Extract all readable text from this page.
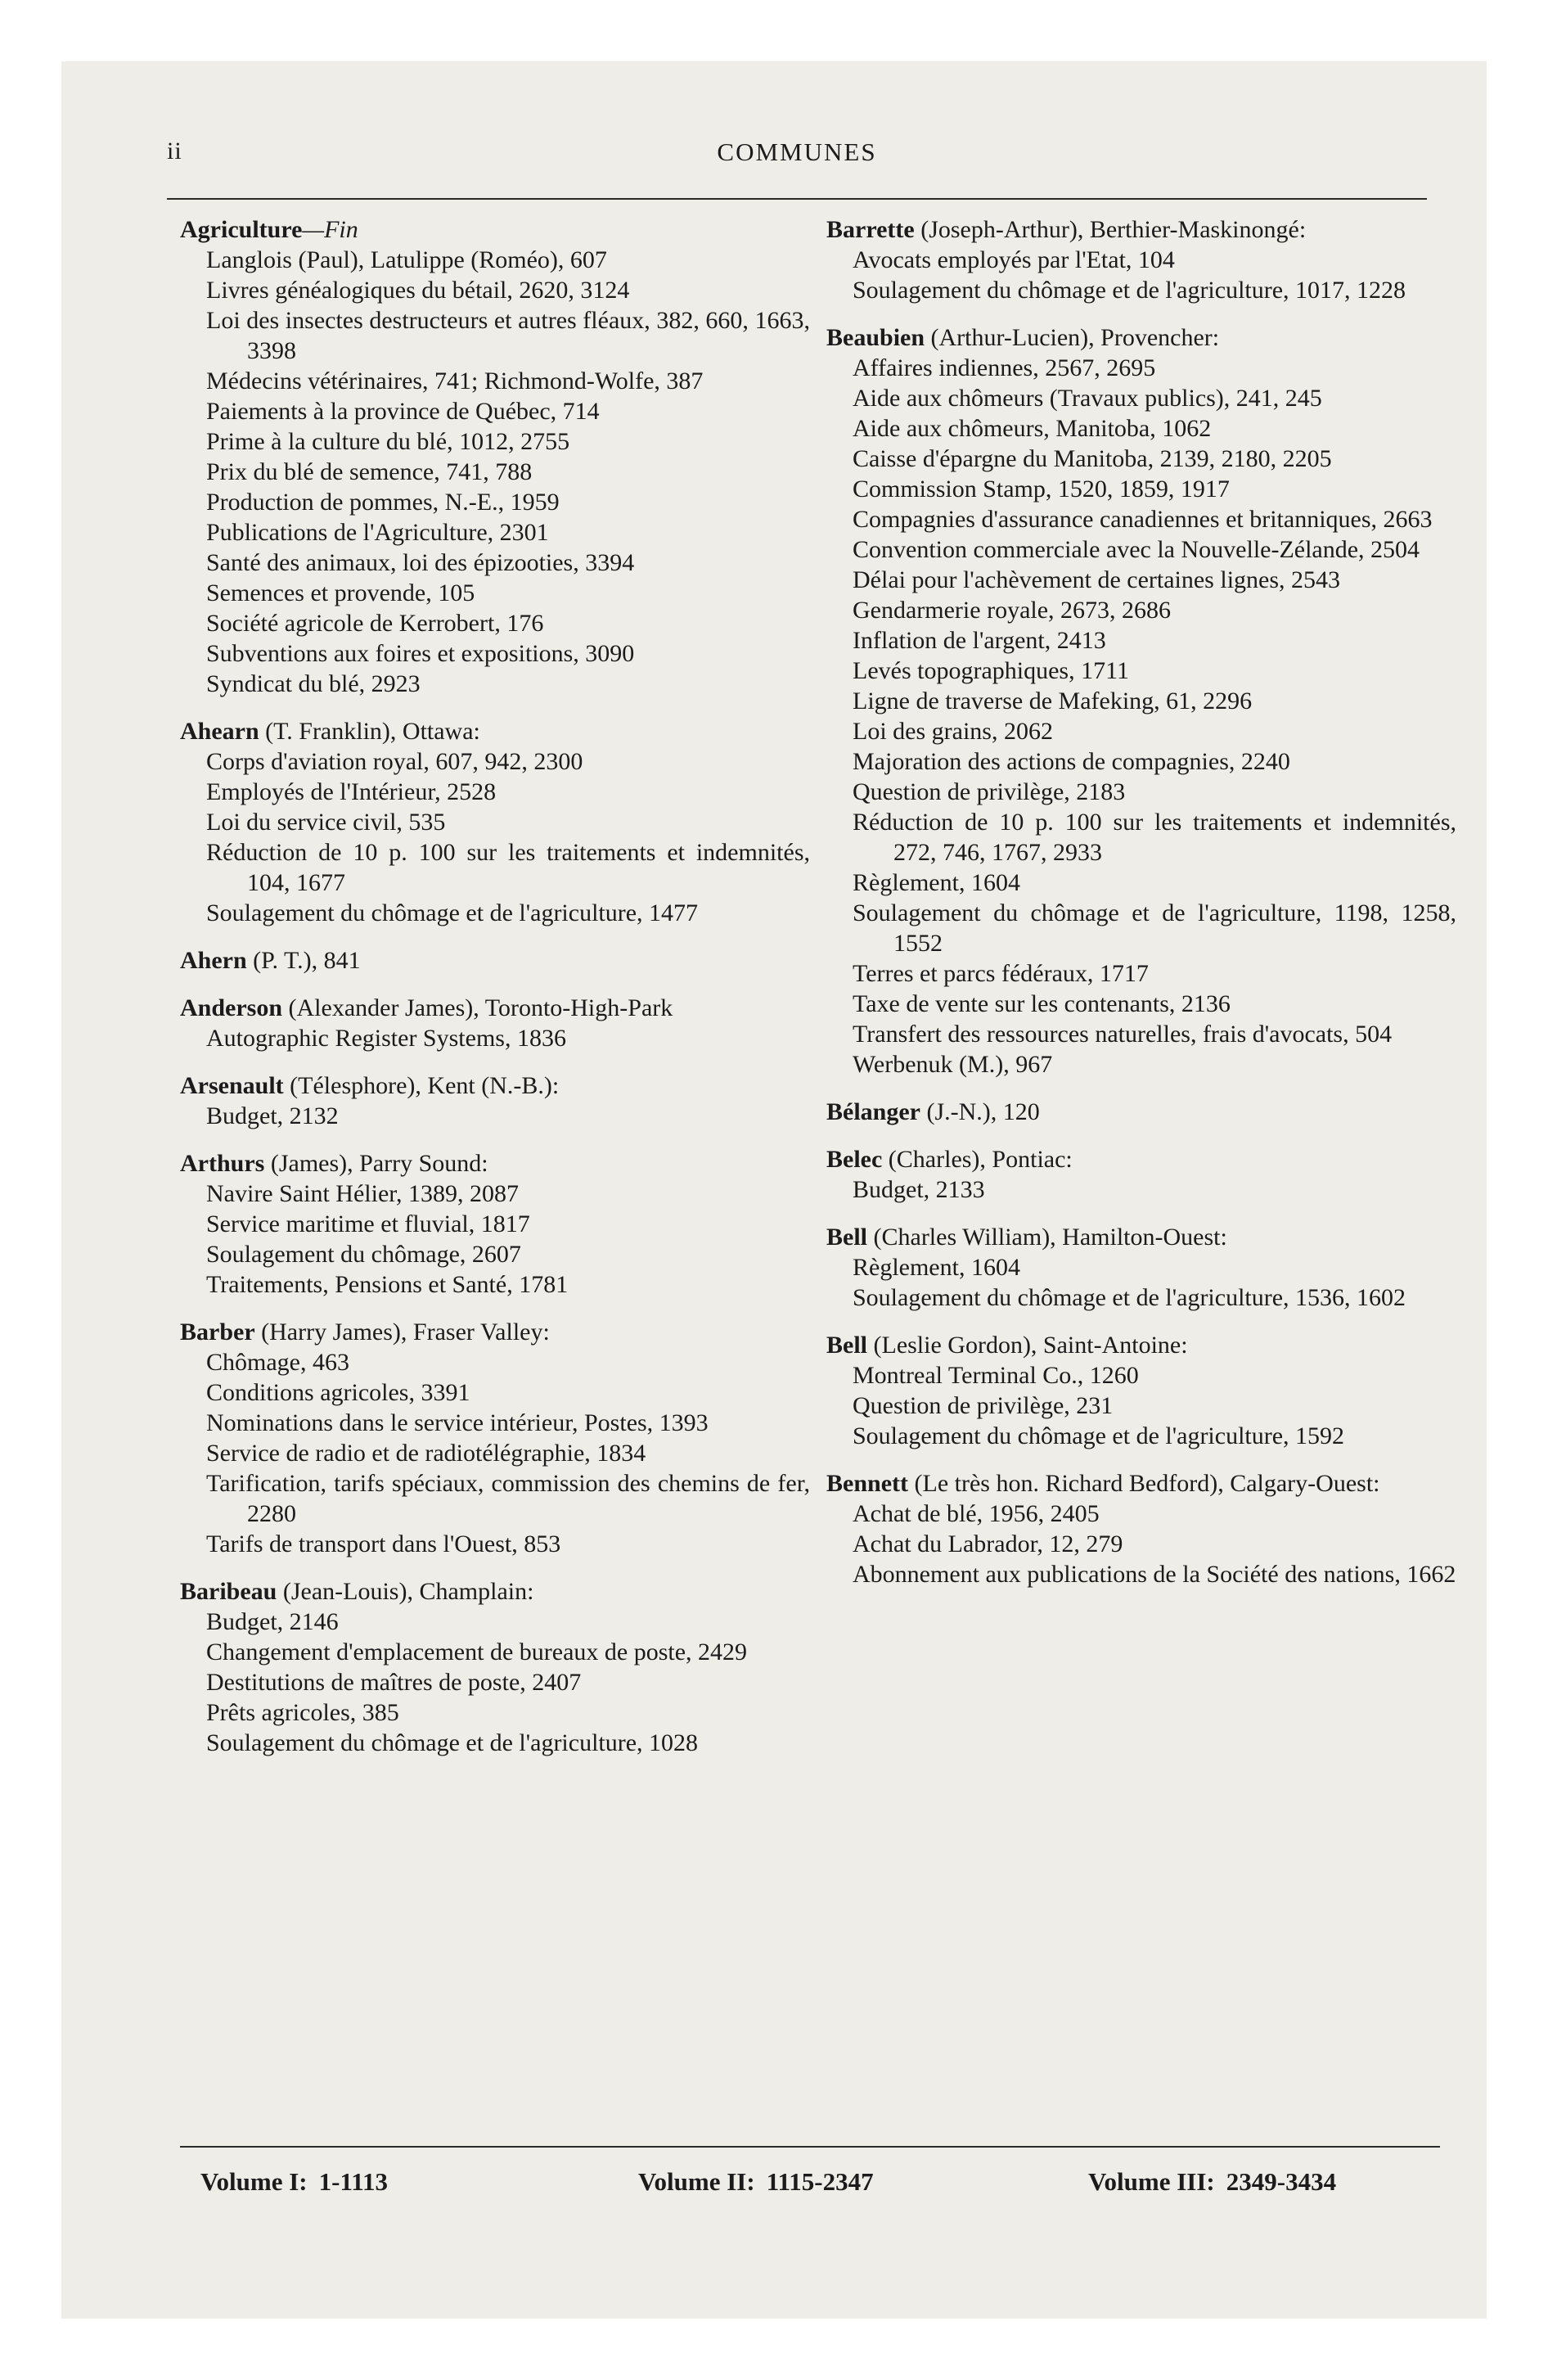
ii	COMMUNES
Agriculture—Fin
Langlois (Paul), Latulippe (Roméo), 607
Livres généalogiques du bétail, 2620, 3124
Loi des insectes destructeurs et autres fléaux, 382, 660, 1663, 3398
Médecins vétérinaires, 741; Richmond-Wolfe, 387
Paiements à la province de Québec, 714
Prime à la culture du blé, 1012, 2755
Prix du blé de semence, 741, 788
Production de pommes, N.-E., 1959
Publications de l'Agriculture, 2301
Santé des animaux, loi des épizooties, 3394
Semences et provende, 105
Société agricole de Kerrobert, 176
Subventions aux foires et expositions, 3090
Syndicat du blé, 2923
Ahearn (T. Franklin), Ottawa:
Corps d'aviation royal, 607, 942, 2300
Employés de l'Intérieur, 2528
Loi du service civil, 535
Réduction de 10 p. 100 sur les traitements et indemnités, 104, 1677
Soulagement du chômage et de l'agriculture, 1477
Ahern (P. T.), 841
Anderson (Alexander James), Toronto-High-Park
Autographic Register Systems, 1836
Arsenault (Télesphore), Kent (N.-B.):
Budget, 2132
Arthurs (James), Parry Sound:
Navire Saint Hélier, 1389, 2087
Service maritime et fluvial, 1817
Soulagement du chômage, 2607
Traitements, Pensions et Santé, 1781
Barber (Harry James), Fraser Valley:
Chômage, 463
Conditions agricoles, 3391
Nominations dans le service intérieur, Postes, 1393
Service de radio et de radiotélégraphie, 1834
Tarification, tarifs spéciaux, commission des chemins de fer, 2280
Tarifs de transport dans l'Ouest, 853
Baribeau (Jean-Louis), Champlain:
Budget, 2146
Changement d'emplacement de bureaux de poste, 2429
Destitutions de maîtres de poste, 2407
Prêts agricoles, 385
Soulagement du chômage et de l'agriculture, 1028
Barrette (Joseph-Arthur), Berthier-Maskinongé:
Avocats employés par l'Etat, 104
Soulagement du chômage et de l'agriculture, 1017, 1228
Beaubien (Arthur-Lucien), Provencher:
Affaires indiennes, 2567, 2695
Aide aux chômeurs (Travaux publics), 241, 245
Aide aux chômeurs, Manitoba, 1062
Caisse d'épargne du Manitoba, 2139, 2180, 2205
Commission Stamp, 1520, 1859, 1917
Compagnies d'assurance canadiennes et britanniques, 2663
Convention commerciale avec la Nouvelle-Zélande, 2504
Délai pour l'achèvement de certaines lignes, 2543
Gendarmerie royale, 2673, 2686
Inflation de l'argent, 2413
Levés topographiques, 1711
Ligne de traverse de Mafeking, 61, 2296
Loi des grains, 2062
Majoration des actions de compagnies, 2240
Question de privilège, 2183
Réduction de 10 p. 100 sur les traitements et indemnités, 272, 746, 1767, 2933
Règlement, 1604
Soulagement du chômage et de l'agriculture, 1198, 1258, 1552
Terres et parcs fédéraux, 1717
Taxe de vente sur les contenants, 2136
Transfert des ressources naturelles, frais d'avocats, 504
Werbenuk (M.), 967
Bélanger (J.-N.), 120
Belec (Charles), Pontiac:
Budget, 2133
Bell (Charles William), Hamilton-Ouest:
Règlement, 1604
Soulagement du chômage et de l'agriculture, 1536, 1602
Bell (Leslie Gordon), Saint-Antoine:
Montreal Terminal Co., 1260
Question de privilège, 231
Soulagement du chômage et de l'agriculture, 1592
Bennett (Le très hon. Richard Bedford), Calgary-Ouest:
Achat de blé, 1956, 2405
Achat du Labrador, 12, 279
Abonnement aux publications de la Société des nations, 1662
Volume I: 1-1113	Volume II: 1115-2347	Volume III: 2349-3434
